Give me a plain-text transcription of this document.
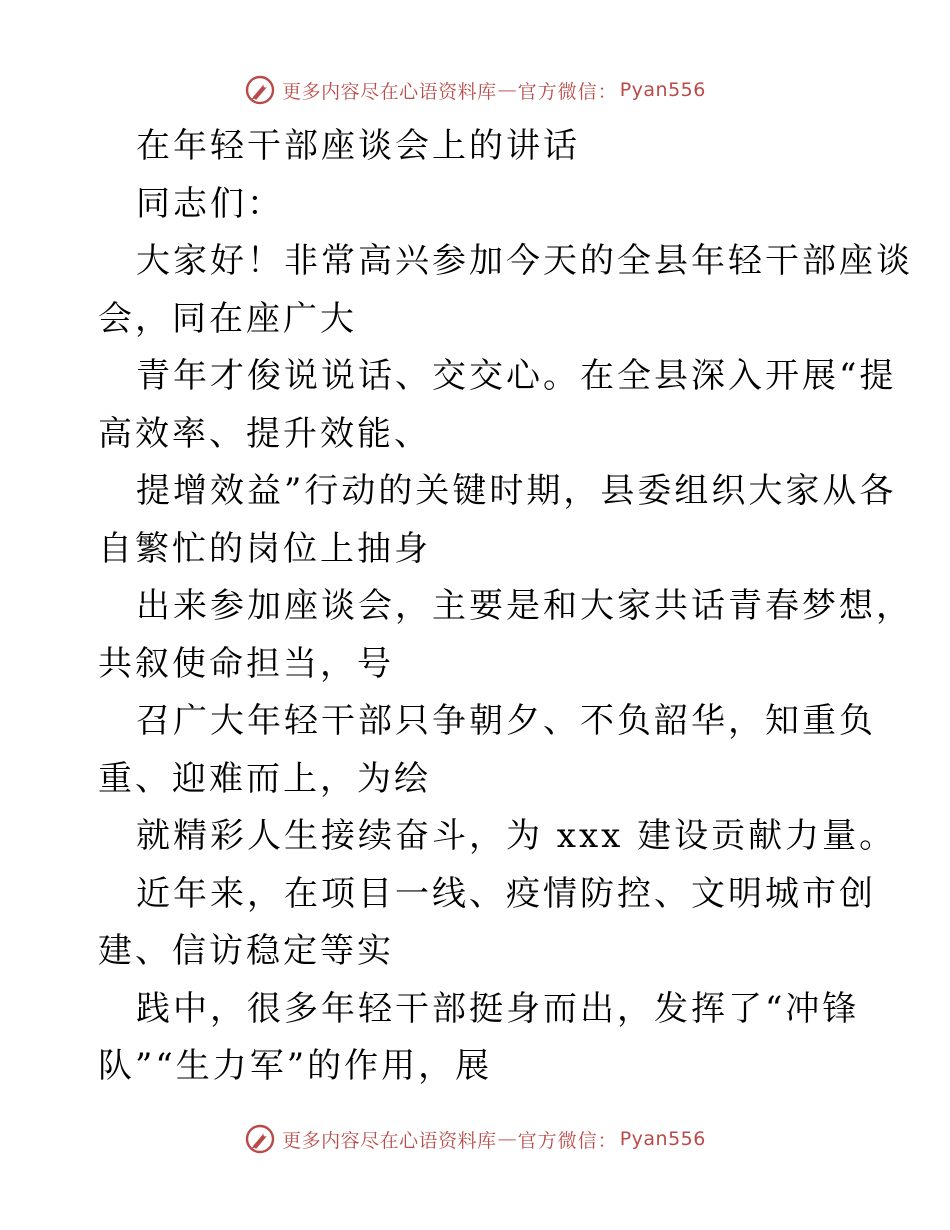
更多内容尽在心语资料库 — 官方微信： Pyan556
在年轻干部座谈会上的讲话
同志们：
大家好！非常高兴参加今天的全县年轻干部座谈
会，同在座广大
青年才俊说说话、交交心。在全县深入开展“提
高效率、提升效能、
提增效益”行动的关键时期，县委组织大家从各
自繁忙的岗位上抽身
出来参加座谈会，主要是和大家共话青春梦想，
共叙使命担当，号
召广大年轻干部只争朝夕、不负韶华，知重负
重、迎难而上，为绘
就精彩人生接续奋斗，为 xxx 建设贡献力量。
近年来，在项目一线、疫情防控、文明城市创
建、信访稳定等实
践中，很多年轻干部挺身而出，发挥了“冲锋
队”“生力军”的作用，展
更多内容尽在心语资料库 — 官方微信： Pyan556
